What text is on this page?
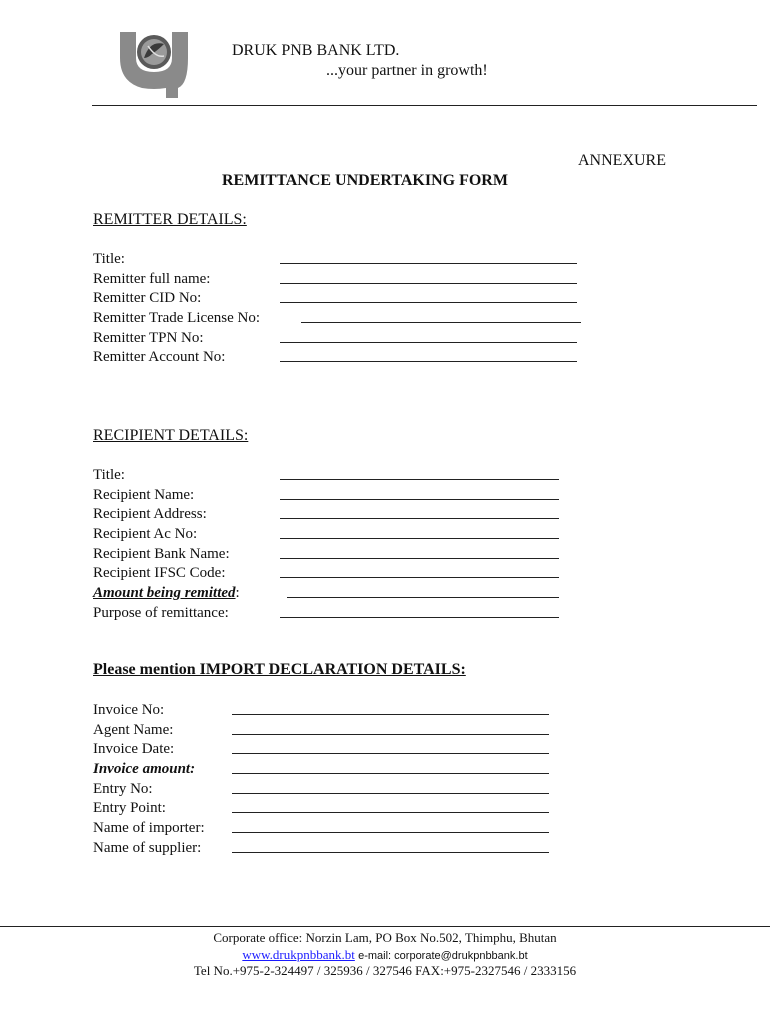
DRUK PNB BANK LTD.
...your partner in growth!
ANNEXURE
REMITTANCE UNDERTAKING FORM
REMITTER DETAILS:
Title:
Remitter full name:
Remitter CID No:
Remitter Trade License No:
Remitter TPN No:
Remitter Account No:
RECIPIENT DETAILS:
Title:
Recipient Name:
Recipient Address:
Recipient Ac No:
Recipient Bank Name:
Recipient IFSC Code:
Amount being remitted:
Purpose of remittance:
Please mention IMPORT DECLARATION DETAILS:
Invoice No:
Agent Name:
Invoice Date:
Invoice amount:
Entry No:
Entry Point:
Name of importer:
Name of supplier:
Corporate office: Norzin Lam, PO Box No.502, Thimphu, Bhutan
www.drukpnbbank.bt e-mail: corporate@drukpnbbank.bt
Tel No.+975-2-324497 / 325936 / 327546 FAX:+975-2327546 / 2333156
